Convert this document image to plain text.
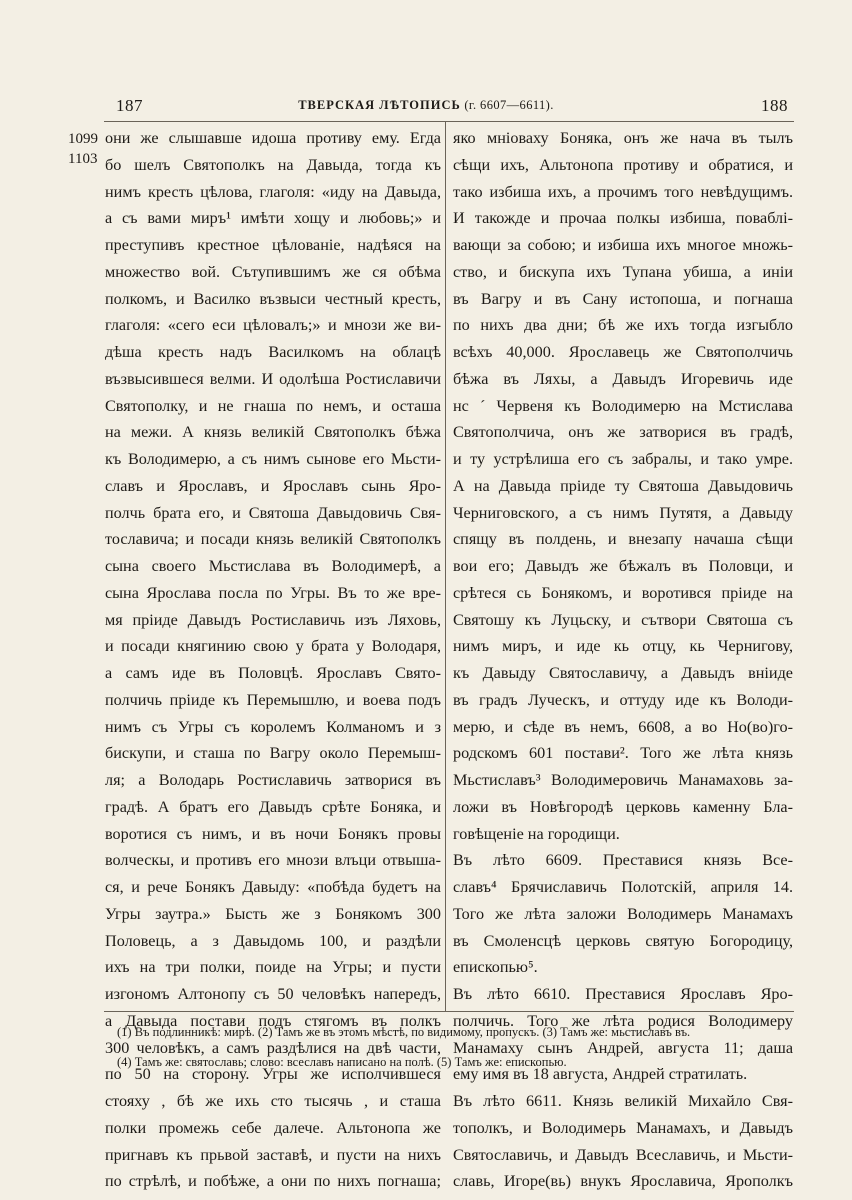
187	ТВЕРСКАЯ ЛѢТОПИСЬ (г. 6607—6611).	188
1099
1103
они же слышавше идоша противу ему. Егда
бо шелъ Святополкъ на Давыда, тогда къ
нимъ кресть цѣлова, глаголя: «иду на Давыда,
а съ вами миръ¹ имѣти хощу и любовь;» и
преступивъ крестное цѣлованiе, надѣяся на
множество вой. Сътупившимъ же ся обѣма
полкомъ, и Василко възвыси честный кресть,
глаголя: «сего еси цѣловалъ;» и мнози же ви-
дѣша кресть надъ Василкомъ на облацѣ
възвысившеся велми. И одолѣша Ростиславичи
Святополку, и не гнаша по немъ, и осташа
на межи. А князь великiй Святополкъ бѣжа
къ Володимерю, а съ нимъ сынове его Мьсти-
славъ и Ярославъ, и Ярославъ сынь Яро-
полчь брата его, и Святоша Давыдовичь Свя-
тославича; и посади князь великiй Святополкъ
сына своего Мьстислава въ Володимерѣ, а
сына Ярослава посла по Угры. Въ то же вре-
мя прiиде Давыдъ Ростиславичь изъ Ляховь,
и посади княгинию свою у брата у Володаря,
а самъ иде въ Половцѣ. Ярославъ Свято-
полчичь прiиде къ Перемышлю, и воева подъ
нимъ съ Угры съ королемъ Колманомъ и з
бискупи, и сташа по Вагру около Перемыш-
ля; а Володарь Ростиславичь затворися въ
градѣ. А братъ его Давыдъ срѣте Боняка, и
воротися съ нимъ, и въ ночи Бонякъ провы
волческы, и противъ его мнози влъци отвыша-
ся, и рече Бонякъ Давыду: «побѣда будетъ на
Угры заутра.» Бысть же з Бонякомъ 300
Половець, а з Давыдомь 100, и раздѣли
ихъ на три полки, поиде на Угры; и пусти
изгономъ Алтонопу съ 50 человѣкъ напередъ,
а Давыда постави подъ стягомъ въ полкъ
300 человѣкъ, а самъ раздѣлися на двѣ части,
по 50 на сторону. Угры же исполчившеся
стояху , бѣ же ихь сто тысячь , и сташа
полки промежь себе далече. Альтонопа же
пригнавъ къ прьвой заставѣ, и пусти на нихъ
по стрѣлѣ, и побѣже, а они по нихъ погнаша;
яко мнiоваху Боняка, онъ же нача въ тылъ
сѣщи ихъ, Альтонопа противу и обратися, и
тако избиша ихъ, а прочимъ того невѣдущимъ.
И такожде и прочаа полкы избиша, поваблi-
вающи за собою; и избиша ихъ многое множь-
ство, и бискупа ихъ Тупана убиша, а инiи
въ Вагру и въ Сану истопоша, и погнаша
по нихъ два дни; бѣ же ихъ тогда изгыбло
всѣхъ 40,000. Ярославець же Святополчичь
бѣжа въ Ляхы, а Давыдъ Игоревичь иде
нс ´ Червеня къ Володимерю на Мстислава
Святополчича, онъ же затворися въ градѣ,
и ту устрѣлиша его съ забралы, и тако умре.
А на Давыда прiиде ту Святоша Давыдовичь
Черниговского, а съ нимъ Путятя, а Давыду
спящу въ полдень, и внезапу начаша сѣщи
вои его; Давыдъ же бѣжалъ въ Половци, и
срѣтеся сь Бонякомъ, и воротився прiиде на
Святошу къ Луцьску, и сътвори Святоша съ
нимъ миръ, и иде кь отцу, кь Чернигову,
къ Давыду Святославичу, а Давыдъ внiиде
въ градъ Луческъ, и оттуду иде къ Володи-
мерю, и сѣде въ немъ, 6608, а во Но(во)го-
родскомъ 601 постави². Того же лѣта князь
Мьстиславъ³ Володимеровичь Манамаховь за-
ложи въ Новѣгородѣ церковь каменну Бла-
говѣщенiе на городищи.
Въ лѣто 6609. Преставися князь Все-
славъ⁴ Брячиславичь Полотскiй, априля 14.
Того же лѣта заложи Володимерь Манамахъ
въ Смоленсцѣ церковь святую Богородицу,
епископью⁵.
Въ лѣто 6610. Преставися Ярославъ Яро-
полчичь. Того же лѣта родися Володимеру
Манамаху сынъ Андрей, августа 11; даша
ему имя въ 18 августа, Андрей стратилать.
Въ лѣто 6611. Князь великiй Михайло Свя-
тополкъ, и Володимерь Манамахъ, и Давыдъ
Святославичь, и Давыдъ Всеславичь, и Мьсти-
славь, Игоре(вь) внукъ Ярославича, Ярополкъ
(1) Въ подлинникѣ: мирѣ. (2) Тамъ же въ этомъ мѣстѣ, по видимому, пропускъ. (3) Тамъ же: мьстиславъ въ.
(4) Тамъ же: святославь; слово: всеславъ написано на полѣ. (5) Тамъ же: епископью.
